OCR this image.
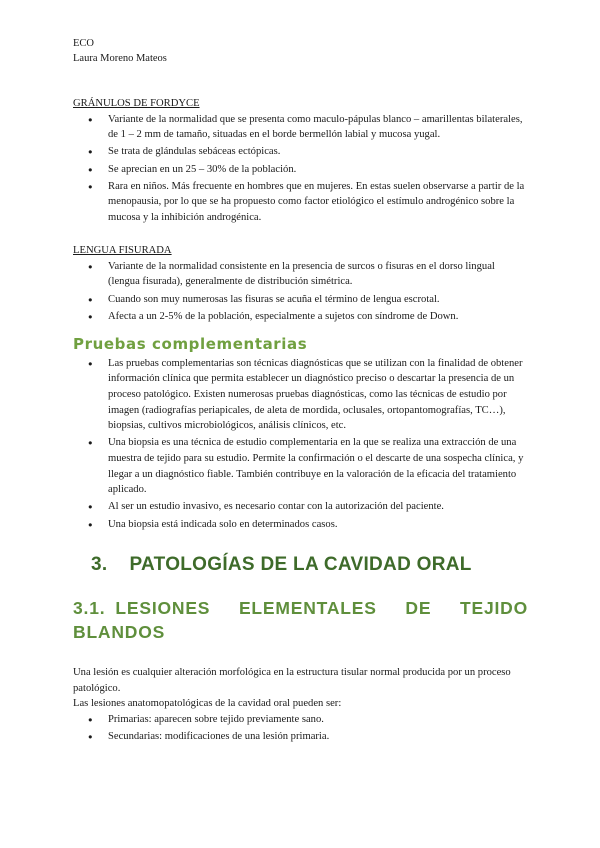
ECO
Laura Moreno Mateos
GRÁNULOS DE FORDYCE
● Variante de la normalidad que se presenta como maculo-pápulas blanco – amarillentas bilaterales, de 1 – 2 mm de tamaño, situadas en el borde bermellón labial y mucosa yugal.
● Se trata de glándulas sebáceas ectópicas.
● Se aprecian en un 25 – 30% de la población.
● Rara en niños. Más frecuente en hombres que en mujeres. En estas suelen observarse a partir de la menopausia, por lo que se ha propuesto como factor etiológico el estímulo androgénico sobre la mucosa y la inhibición androgénica.
LENGUA FISURADA
● Variante de la normalidad consistente en la presencia de surcos o fisuras en el dorso lingual (lengua fisurada), generalmente de distribución simétrica.
● Cuando son muy numerosas las fisuras se acuña el término de lengua escrotal.
● Afecta a un 2-5% de la población, especialmente a sujetos con síndrome de Down.
Pruebas complementarias
● Las pruebas complementarias son técnicas diagnósticas que se utilizan con la finalidad de obtener información clínica que permita establecer un diagnóstico preciso o descartar la presencia de un proceso patológico. Existen numerosas pruebas diagnósticas, como las técnicas de estudio por imagen (radiografías periapicales, de aleta de mordida, oclusales, ortopantomografías, TC…), biopsias, cultivos microbiológicos, análisis clínicos, etc.
● Una biopsia es una técnica de estudio complementaria en la que se realiza una extracción de una muestra de tejido para su estudio. Permite la confirmación o el descarte de una sospecha clínica, y llegar a un diagnóstico fiable. También contribuye en la valoración de la eficacia del tratamiento aplicado.
● Al ser un estudio invasivo, es necesario contar con la autorización del paciente.
● Una biopsia está indicada solo en determinados casos.
3. PATOLOGÍAS DE LA CAVIDAD ORAL
3.1. LESIONES ELEMENTALES DE TEJIDO BLANDOS

Una lesión es cualquier alteración morfológica en la estructura tisular normal producida por un proceso patológico.

Las lesiones anatomopatológicas de la cavidad oral pueden ser:

● Primarias: aparecen sobre tejido previamente sano.
● Secundarias: modificaciones de una lesión primaria.
